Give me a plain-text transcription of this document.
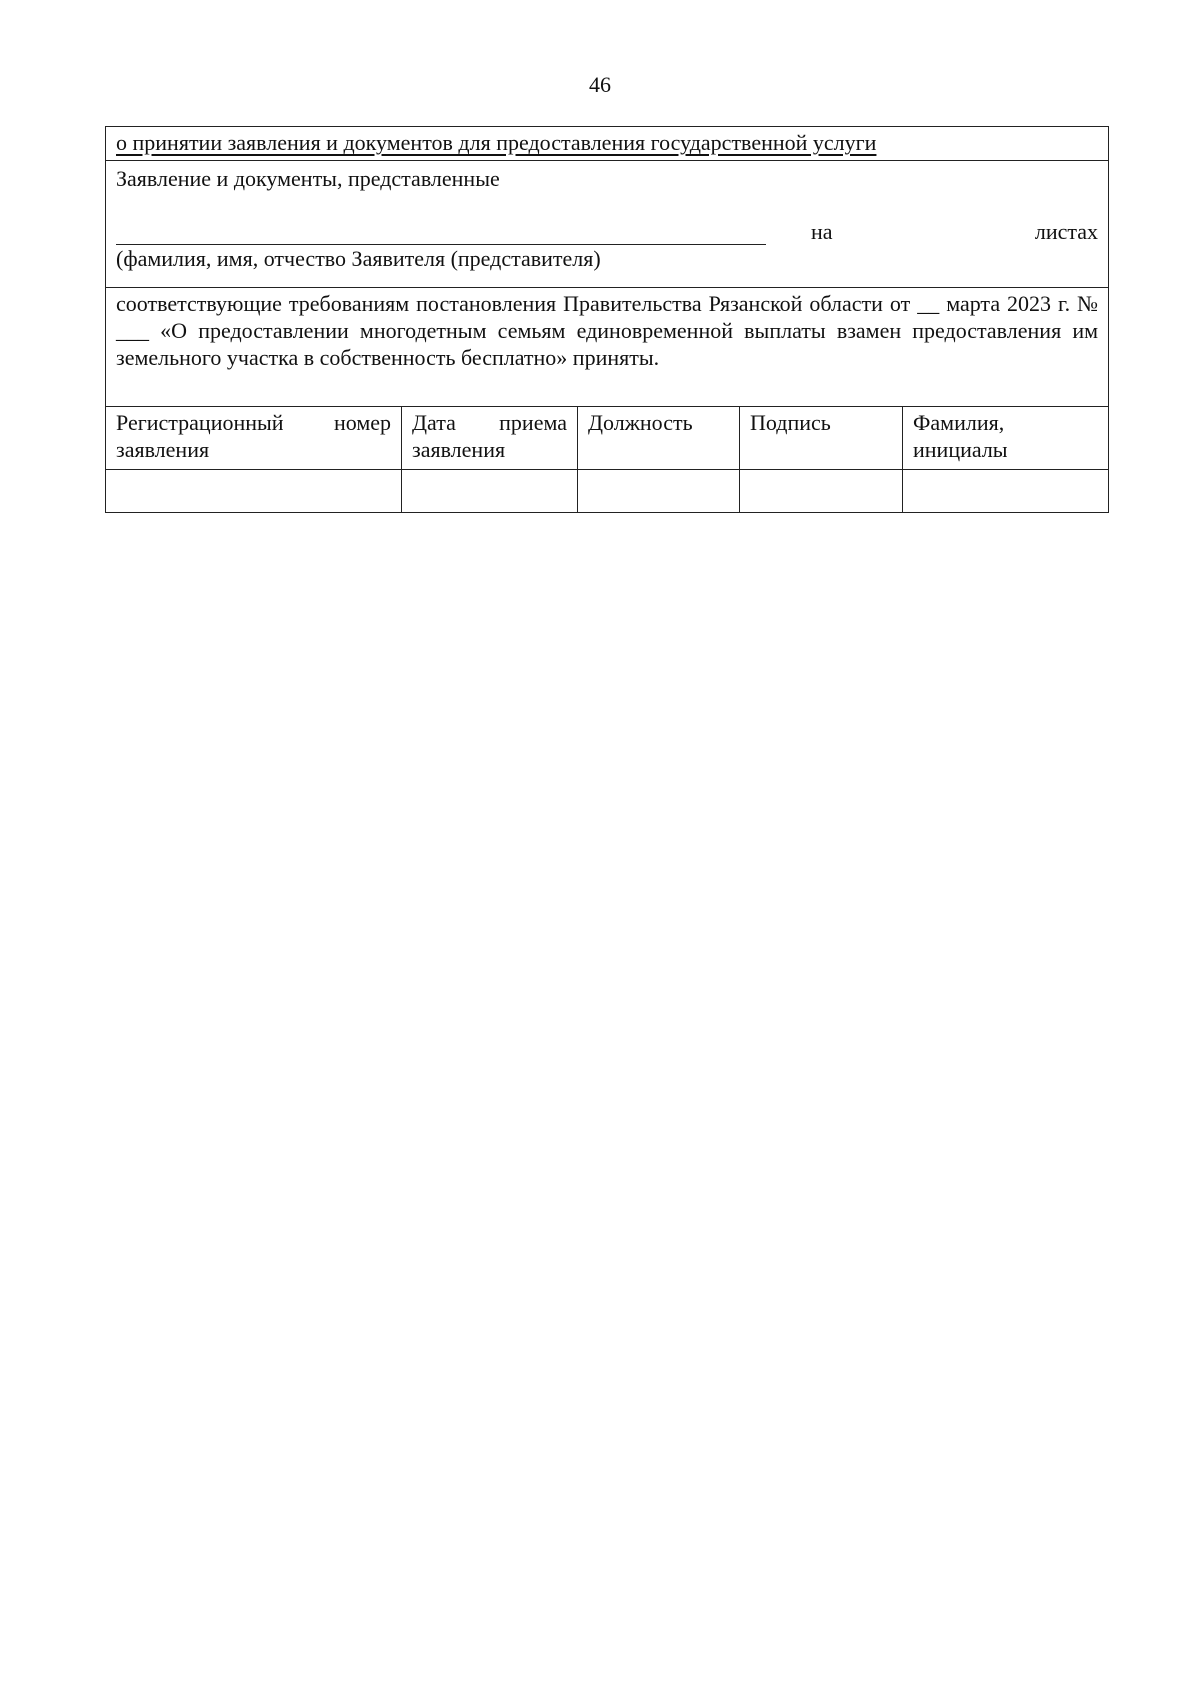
46
о принятии заявления и документов для предоставления государственной услуги				

Заявление и документы, представленные
на листах
(фамилия, имя, отчество Заявителя (представителя)				

соответствующие требованиям постановления Правительства Рязанской области от __ марта 2023 г. № ___ «О предоставлении многодетным семьям единовременной выплаты взамен предоставления им земельного участка в собственность бесплатно» приняты.				
Регистрационный номер заявления	Дата приема заявления	Должность	Подпись	Фамилия, инициалы
